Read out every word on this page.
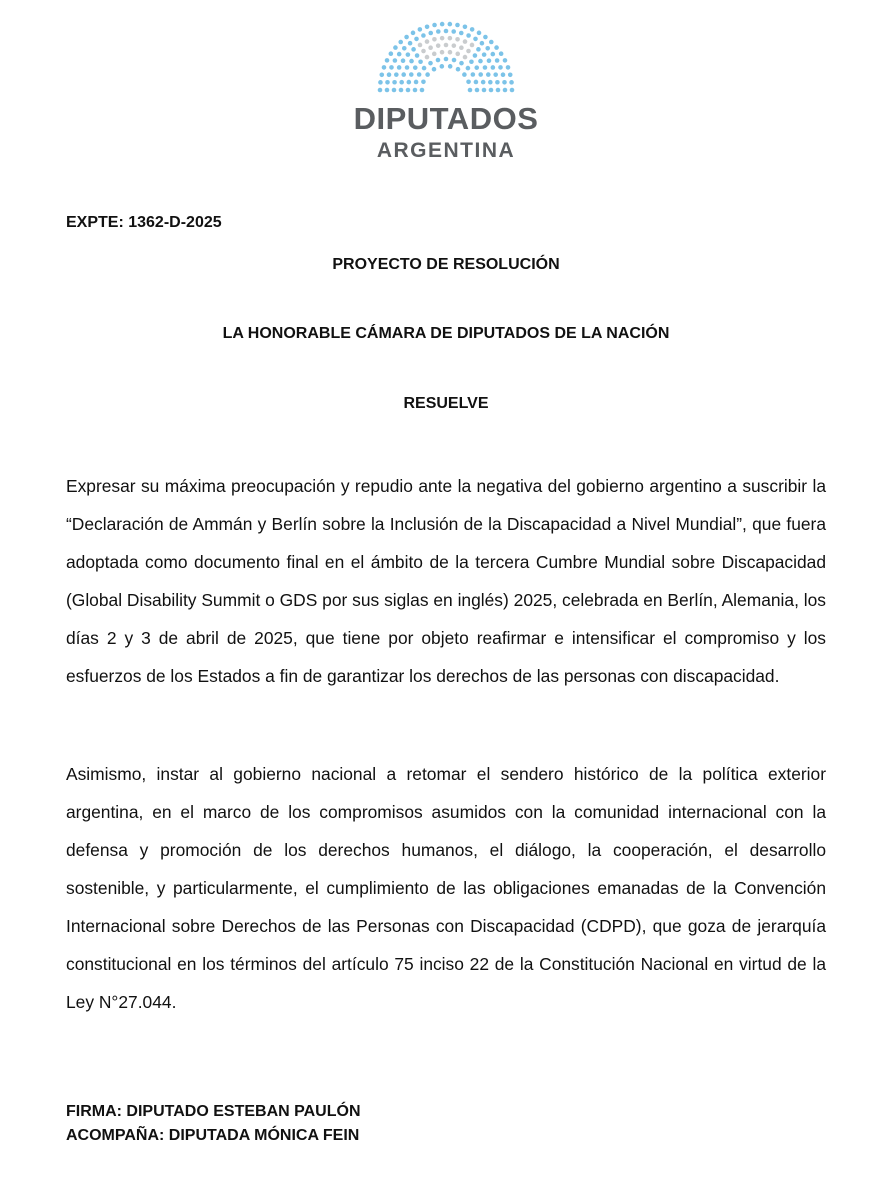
DIPUTADOS
ARGENTINA
EXPTE: 1362-D-2025
PROYECTO DE RESOLUCIÓN
LA HONORABLE CÁMARA DE DIPUTADOS DE LA NACIÓN
RESUELVE

Expresar su máxima preocupación y repudio ante la negativa del gobierno argentino a suscribir la “Declaración de Ammán y Berlín sobre la Inclusión de la Discapacidad a Nivel Mundial”, que fuera adoptada como documento final en el ámbito de la tercera Cumbre Mundial sobre Discapacidad (Global Disability Summit o GDS por sus siglas en inglés) 2025, celebrada en Berlín, Alemania, los días 2 y 3 de abril de 2025, que tiene por objeto reafirmar e intensificar el compromiso y los esfuerzos de los Estados a fin de garantizar los derechos de las personas con discapacidad.

Asimismo, instar al gobierno nacional a retomar el sendero histórico de la política exterior argentina, en el marco de los compromisos asumidos con la comunidad internacional con la defensa y promoción de los derechos humanos, el diálogo, la cooperación, el desarrollo sostenible, y particularmente, el cumplimiento de las obligaciones emanadas de la Convención Internacional sobre Derechos de las Personas con Discapacidad (CDPD), que goza de jerarquía constitucional en los términos del artículo 75 inciso 22 de la Constitución Nacional en virtud de la Ley N°27.044.

FIRMA: DIPUTADO ESTEBAN PAULÓN
ACOMPAÑA: DIPUTADA MÓNICA FEIN
